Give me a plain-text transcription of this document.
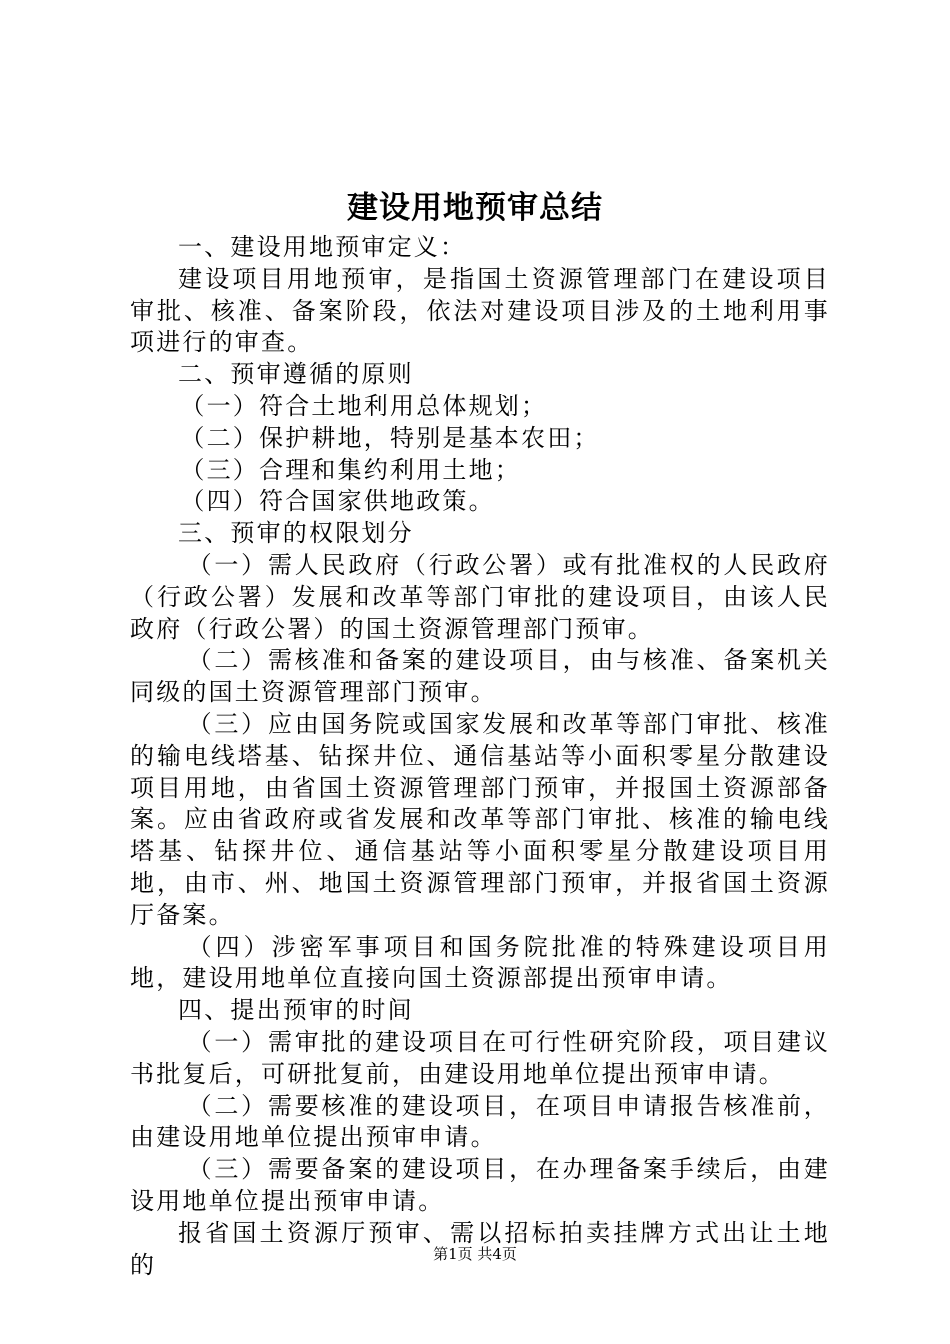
建设用地预审总结

一、建设用地预审定义：

建设项目用地预审，是指国土资源管理部门在建设项目审批、核准、备案阶段，依法对建设项目涉及的土地利用事项进行的审查。

二、预审遵循的原则

（一）符合土地利用总体规划；

（二）保护耕地，特别是基本农田；

（三）合理和集约利用土地；

（四）符合国家供地政策。

三、预审的权限划分

（一）需人民政府（行政公署）或有批准权的人民政府（行政公署）发展和改革等部门审批的建设项目，由该人民政府（行政公署）的国土资源管理部门预审。

（二）需核准和备案的建设项目，由与核准、备案机关同级的国土资源管理部门预审。

（三）应由国务院或国家发展和改革等部门审批、核准的输电线塔基、钻探井位、通信基站等小面积零星分散建设项目用地，由省国土资源管理部门预审，并报国土资源部备案。应由省政府或省发展和改革等部门审批、核准的输电线塔基、钻探井位、通信基站等小面积零星分散建设项目用地，由市、州、地国土资源管理部门预审，并报省国土资源厅备案。

（四）涉密军事项目和国务院批准的特殊建设项目用地，建设用地单位直接向国土资源部提出预审申请。

四、提出预审的时间

（一）需审批的建设项目在可行性研究阶段，项目建议书批复后，可研批复前，由建设用地单位提出预审申请。

（二）需要核准的建设项目，在项目申请报告核准前，由建设用地单位提出预审申请。

（三）需要备案的建设项目，在办理备案手续后，由建设用地单位提出预审申请。

报省国土资源厅预审、需以招标拍卖挂牌方式出让土地的	第1页 共4页
